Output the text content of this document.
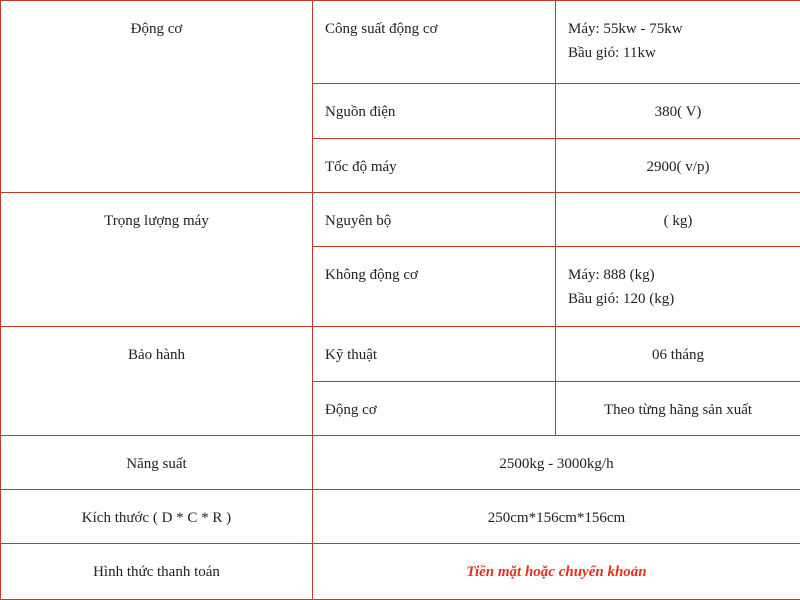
Động cơ	Công suất động cơ	Máy: 55kw - 75kw
Bầu gió: 11kw

	Nguồn điện	380( V)

	Tốc độ máy	2900( v/p)

Trọng lượng máy	Nguyên bộ	( kg)

	Không động cơ	Máy: 888 (kg)
Bầu gió: 120 (kg)

Bảo hành	Kỹ thuật	06 tháng

	Động cơ	Theo từng hãng sản xuất

Năng suất	2500kg - 3000kg/h	

Kích thước ( D * C * R )	250cm*156cm*156cm	

Hình thức thanh toán	Tiền mặt hoặc chuyển khoản	
